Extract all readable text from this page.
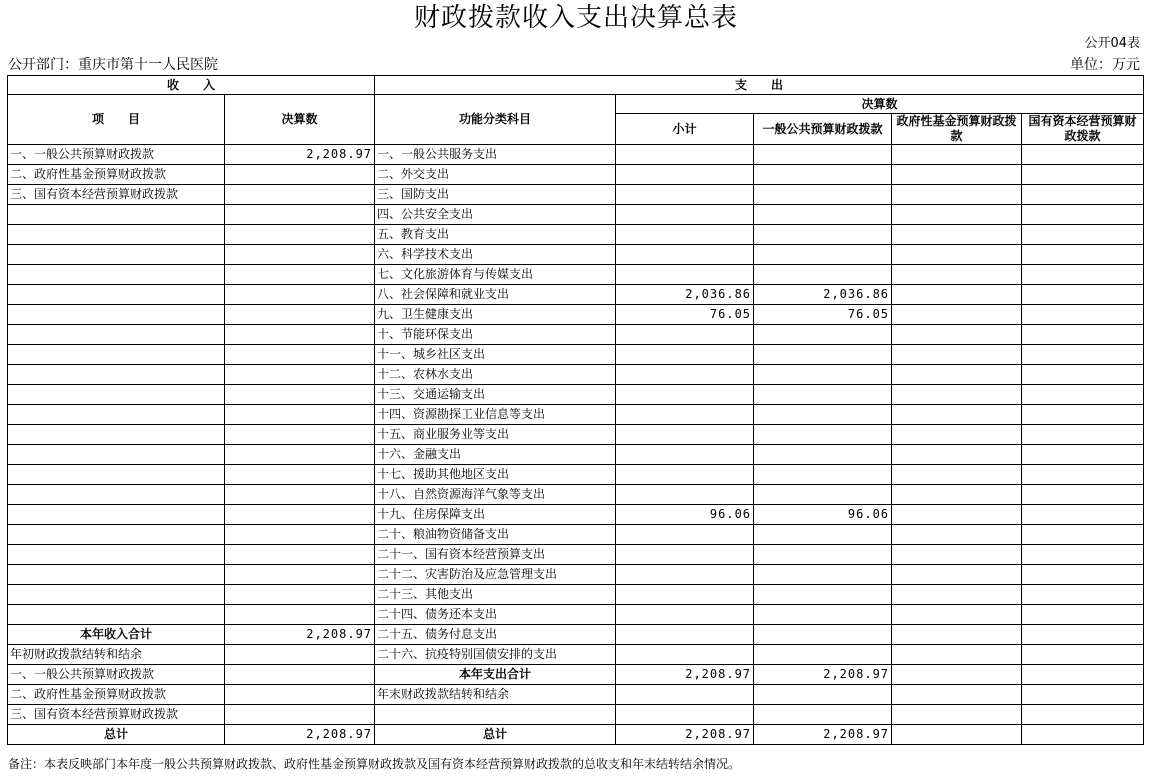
财政拨款收入支出决算总表
公开04表
公开部门：重庆市第十一人民医院	单位：万元
收　　入		支　　出				
项　　目	决算数	功能分类科目	决算数			
			小计	一般公共预算财政拨款	政府性基金预算财政拨款	国有资本经营预算财政拨款

一、一般公共预算财政拨款	2,208.97	一、一般公共服务支出				
二、政府性基金预算财政拨款		二、外交支出				
三、国有资本经营预算财政拨款		三、国防支出				
		四、公共安全支出				
		五、教育支出				
		六、科学技术支出				
		七、文化旅游体育与传媒支出				
		八、社会保障和就业支出	2,036.86	2,036.86		
		九、卫生健康支出	76.05	76.05		
		十、节能环保支出				
		十一、城乡社区支出				
		十二、农林水支出				
		十三、交通运输支出				
		十四、资源勘探工业信息等支出				
		十五、商业服务业等支出				
		十六、金融支出				
		十七、援助其他地区支出				
		十八、自然资源海洋气象等支出				
		十九、住房保障支出	96.06	96.06		
		二十、粮油物资储备支出				
		二十一、国有资本经营预算支出				
		二十二、灾害防治及应急管理支出				
		二十三、其他支出				
		二十四、债务还本支出				
本年收入合计	2,208.97	二十五、债务付息支出				
年初财政拨款结转和结余		二十六、抗疫特别国债安排的支出				
一、一般公共预算财政拨款		本年支出合计	2,208.97	2,208.97		
二、政府性基金预算财政拨款		年末财政拨款结转和结余				
三、国有资本经营预算财政拨款						
总计	2,208.97	总计	2,208.97	2,208.97		
备注：本表反映部门本年度一般公共预算财政拨款、政府性基金预算财政拨款及国有资本经营预算财政拨款的总收支和年末结转结余情况。
